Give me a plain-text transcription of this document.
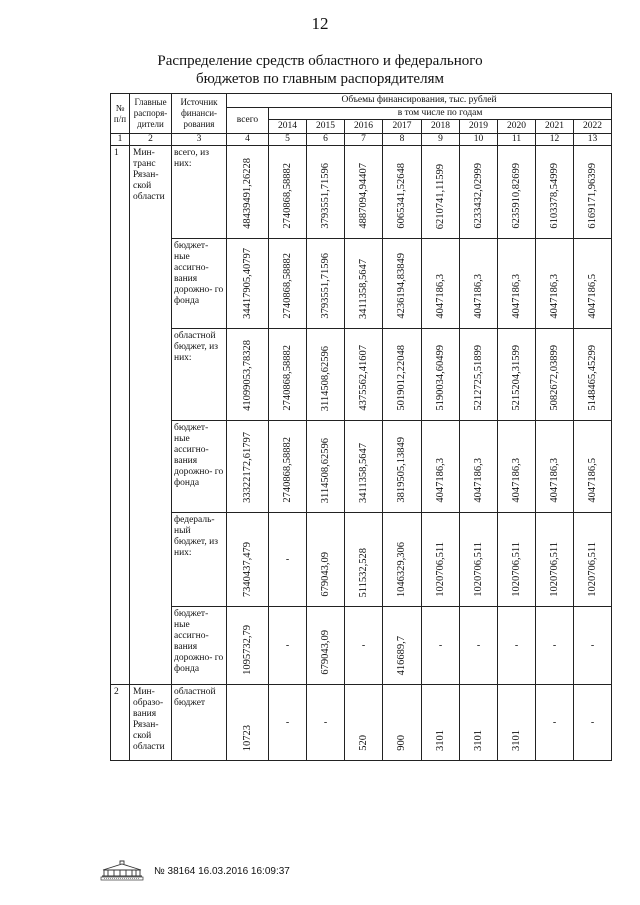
12
Распределение средств областного и федерального
бюджетов по главным распорядителям
№ п/п	Главные распоря- дители	Источник финанси- рования	Объемы финансирования, тыс. рублей									
			всего	в том числе по годам								
				2014	2015	2016	2017	2018	2019	2020	2021	2022
1	2	3	4	5	6	7	8	9	10	11	12	13
1	Мин- транс Рязан- ской области	всего, из них:	48439491,26228	2740868,58882	3793551,71596	4887094,94407	6065341,52648	6210741,11599	6233432,02999	6235910,82699	6103378,54999	6169171,96399
		бюджет- ные ассигно- вания дорожно- го фонда	34417905,40797	2740868,58882	3793551,71596	3411358,5647	4236194,83849	4047186,3	4047186,3	4047186,3	4047186,3	4047186,5
		областной бюджет, из них:	41099053,78328	2740868,58882	3114508,62596	4375562,41607	5019012,22048	5190034,60499	5212725,51899	5215204,31599	5082672,03899	5148465,45299
		бюджет- ные ассигно- вания дорожно- го фонда	33322172,61797	2740868,58882	3114508,62596	3411358,5647	3819505,13849	4047186,3	4047186,3	4047186,3	4047186,3	4047186,5
		федераль- ный бюджет, из них:	7340437,479	-	679043,09	511532,528	1046329,306	1020706,511	1020706,511	1020706,511	1020706,511	1020706,511
		бюджет- ные ассигно- вания дорожно- го фонда	1095732,79	-	679043,09	-	416689,7	-	-	-	-	-
2	Мин- образо- вания Рязан- ской области	областной бюджет	10723	-	-	520	900	3101	3101	3101	-	-
№ 38164 16.03.2016 16:09:37
